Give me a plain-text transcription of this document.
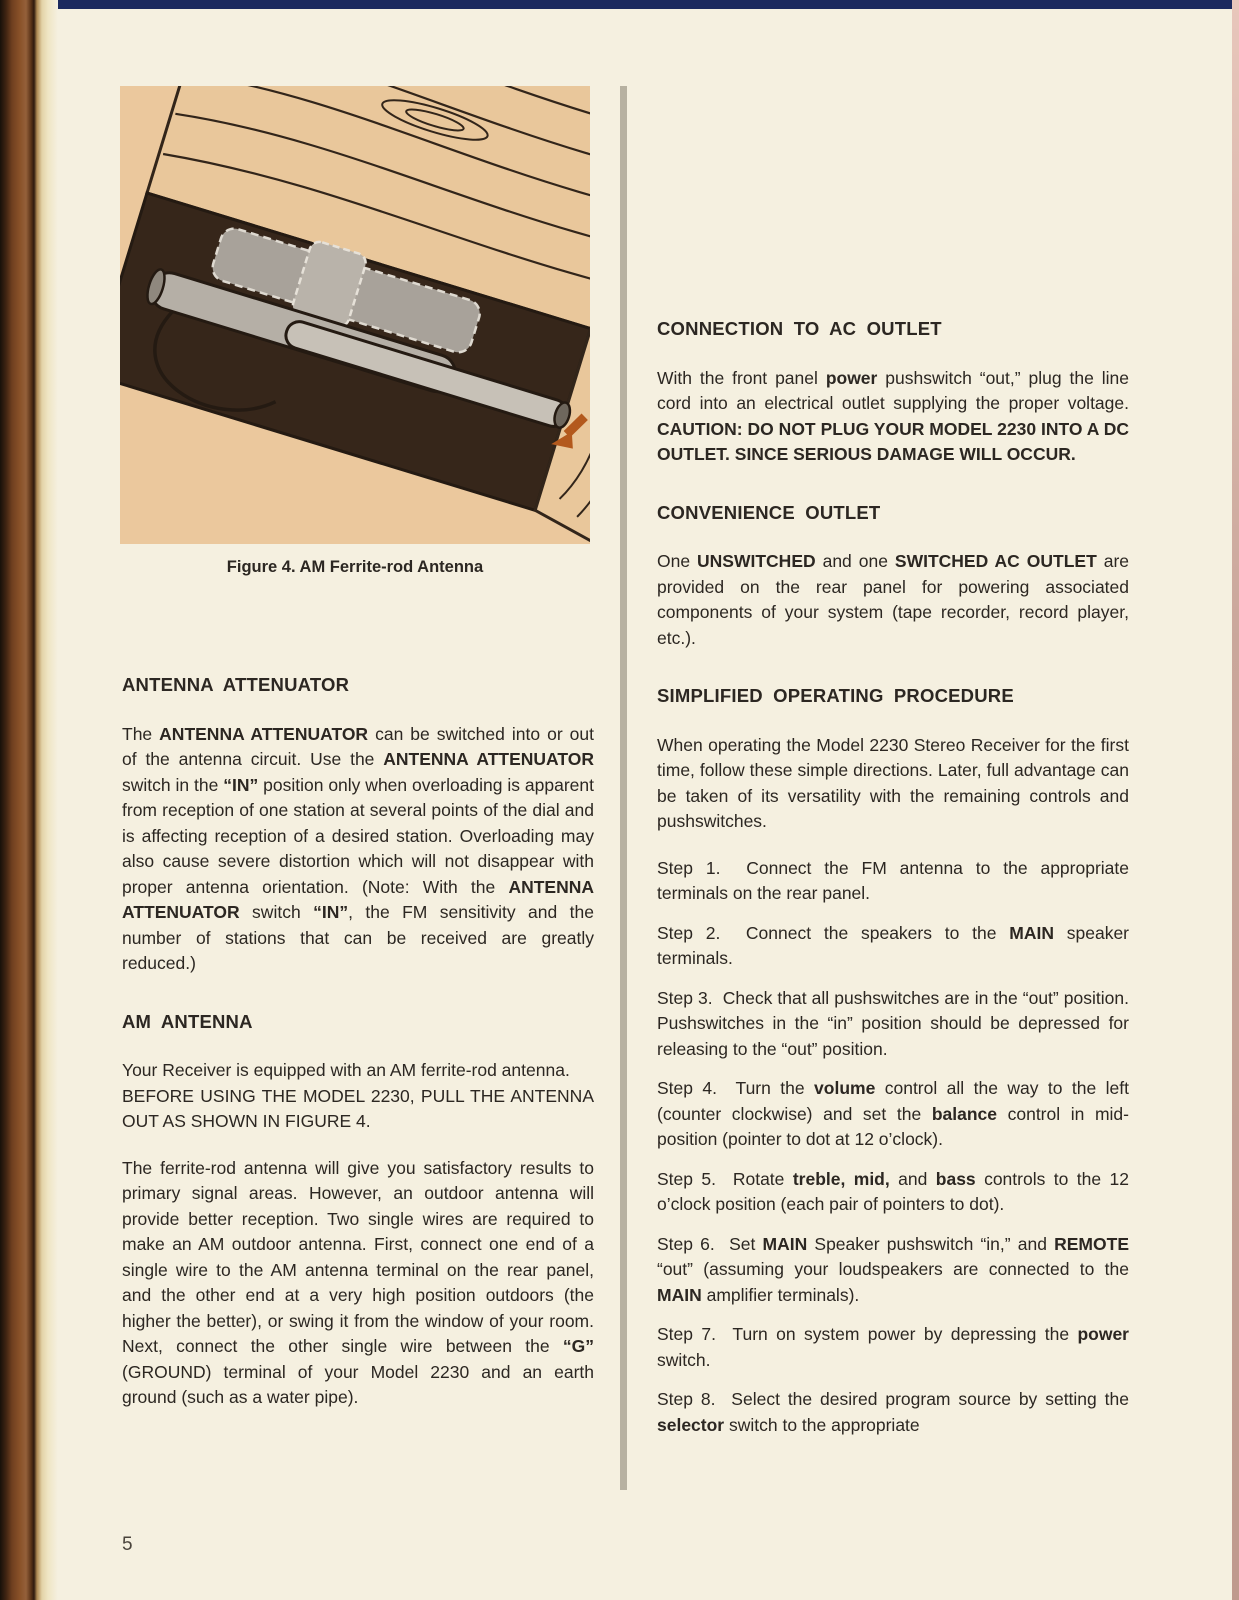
Figure 4. AM Ferrite-rod Antenna
ANTENNA ATTENUATOR

The ANTENNA ATTENUATOR can be switched into or out of the antenna circuit. Use the ANTENNA ATTENUATOR switch in the “IN” position only when overloading is apparent from reception of one station at several points of the dial and is affecting reception of a desired station. Overloading may also cause severe distortion which will not disappear with proper antenna orientation. (Note: With the ANTENNA ATTENUATOR switch “IN”, the FM sensitivity and the number of stations that can be received are greatly reduced.)

AM ANTENNA

Your Receiver is equipped with an AM ferrite-rod antenna.
BEFORE USING THE MODEL 2230, PULL THE ANTENNA OUT AS SHOWN IN FIGURE 4.

The ferrite-rod antenna will give you satisfactory results to primary signal areas. However, an outdoor antenna will provide better reception. Two single wires are required to make an AM outdoor antenna. First, connect one end of a single wire to the AM antenna terminal on the rear panel, and the other end at a very high position outdoors (the higher the better), or swing it from the window of your room. Next, connect the other single wire between the “G” (GROUND) terminal of your Model 2230 and an earth ground (such as a water pipe).

CONNECTION TO AC OUTLET

With the front panel power pushswitch “out,” plug the line cord into an electrical outlet supplying the proper voltage. CAUTION: DO NOT PLUG YOUR MODEL 2230 INTO A DC OUTLET. SINCE SERIOUS DAMAGE WILL OCCUR.

CONVENIENCE OUTLET

One UNSWITCHED and one SWITCHED AC OUTLET are provided on the rear panel for powering associated components of your system (tape recorder, record player, etc.).

SIMPLIFIED OPERATING PROCEDURE

When operating the Model 2230 Stereo Receiver for the first time, follow these simple directions. Later, full advantage can be taken of its versatility with the remaining controls and pushswitches.

Step 1.  Connect the FM antenna to the appropriate terminals on the rear panel.

Step 2.  Connect the speakers to the MAIN speaker terminals.

Step 3.  Check that all pushswitches are in the “out” position. Pushswitches in the “in” position should be depressed for releasing to the “out” position.

Step 4.  Turn the volume control all the way to the left (counter clockwise) and set the balance control in mid-position (pointer to dot at 12 o’clock).

Step 5.  Rotate treble, mid, and bass controls to the 12 o’clock position (each pair of pointers to dot).

Step 6.  Set MAIN Speaker pushswitch “in,” and REMOTE “out” (assuming your loudspeakers are connected to the MAIN amplifier terminals).

Step 7.  Turn on system power by depressing the power switch.

Step 8.  Select the desired program source by setting the selector switch to the appropriate

5
